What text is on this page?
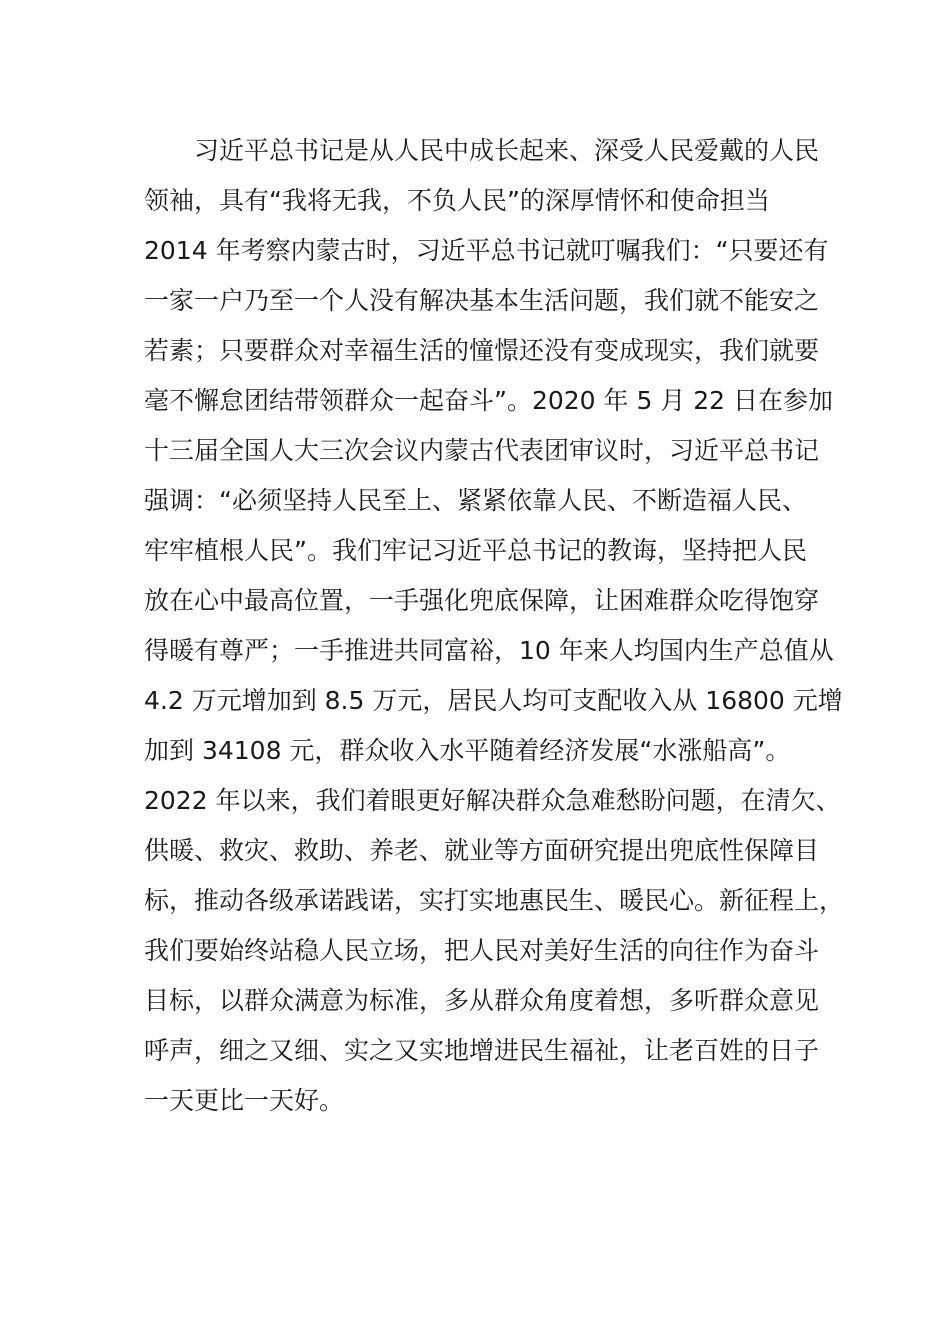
习近平总书记是从人民中成长起来、深受人民爱戴的人民
领袖，具有“我将无我，不负人民”的深厚情怀和使命担当
2014 年考察内蒙古时，习近平总书记就叮嘱我们：“只要还有
一家一户乃至一个人没有解决基本生活问题，我们就不能安之
若素；只要群众对幸福生活的憧憬还没有变成现实，我们就要
毫不懈怠团结带领群众一起奋斗”。2020 年 5 月 22 日在参加
十三届全国人大三次会议内蒙古代表团审议时，习近平总书记
强调：“必须坚持人民至上、紧紧依靠人民、不断造福人民、
牢牢植根人民”。我们牢记习近平总书记的教诲，坚持把人民
放在心中最高位置，一手强化兜底保障，让困难群众吃得饱穿
得暖有尊严；一手推进共同富裕，10 年来人均国内生产总值从
4.2 万元增加到 8.5 万元，居民人均可支配收入从 16800 元增
加到 34108 元，群众收入水平随着经济发展“水涨船高”。
2022 年以来，我们着眼更好解决群众急难愁盼问题，在清欠、
供暖、救灾、救助、养老、就业等方面研究提出兜底性保障目
标，推动各级承诺践诺，实打实地惠民生、暖民心。新征程上，
我们要始终站稳人民立场，把人民对美好生活的向往作为奋斗
目标，以群众满意为标准，多从群众角度着想，多听群众意见
呼声，细之又细、实之又实地增进民生福祉，让老百姓的日子
一天更比一天好。
